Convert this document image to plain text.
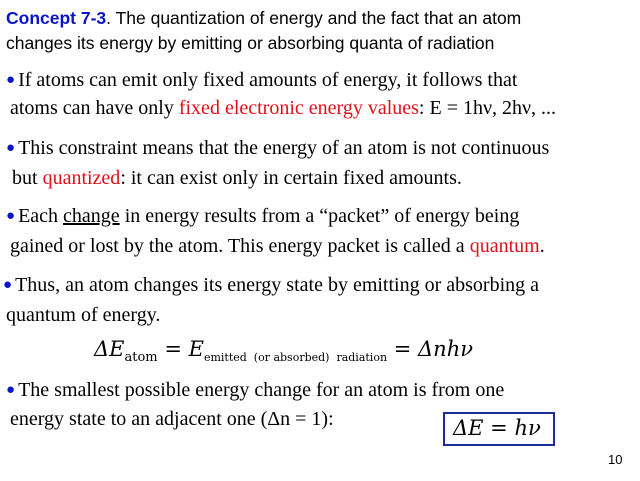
Concept 7-3. The quantization of energy and the fact that an atom
changes its energy by emitting or absorbing quanta of radiation
● If atoms can emit only fixed amounts of energy, it follows that
atoms can have only fixed electronic energy values: E = 1hν, 2hν, ...
● This constraint means that the energy of an atom is not continuous
but quantized: it can exist only in certain fixed amounts.
● Each change in energy results from a “packet” of energy being
gained or lost by the atom. This energy packet is called a quantum.
● Thus, an atom changes its energy state by emitting or absorbing a
quantum of energy.
$\Delta E_{atom} = E_{emitted (or absorbed) radiation} = \Delta nh\nu$
● The smallest possible energy change for an atom is from one
energy state to an adjacent one (Δn = 1):	ΔE = hν
10
